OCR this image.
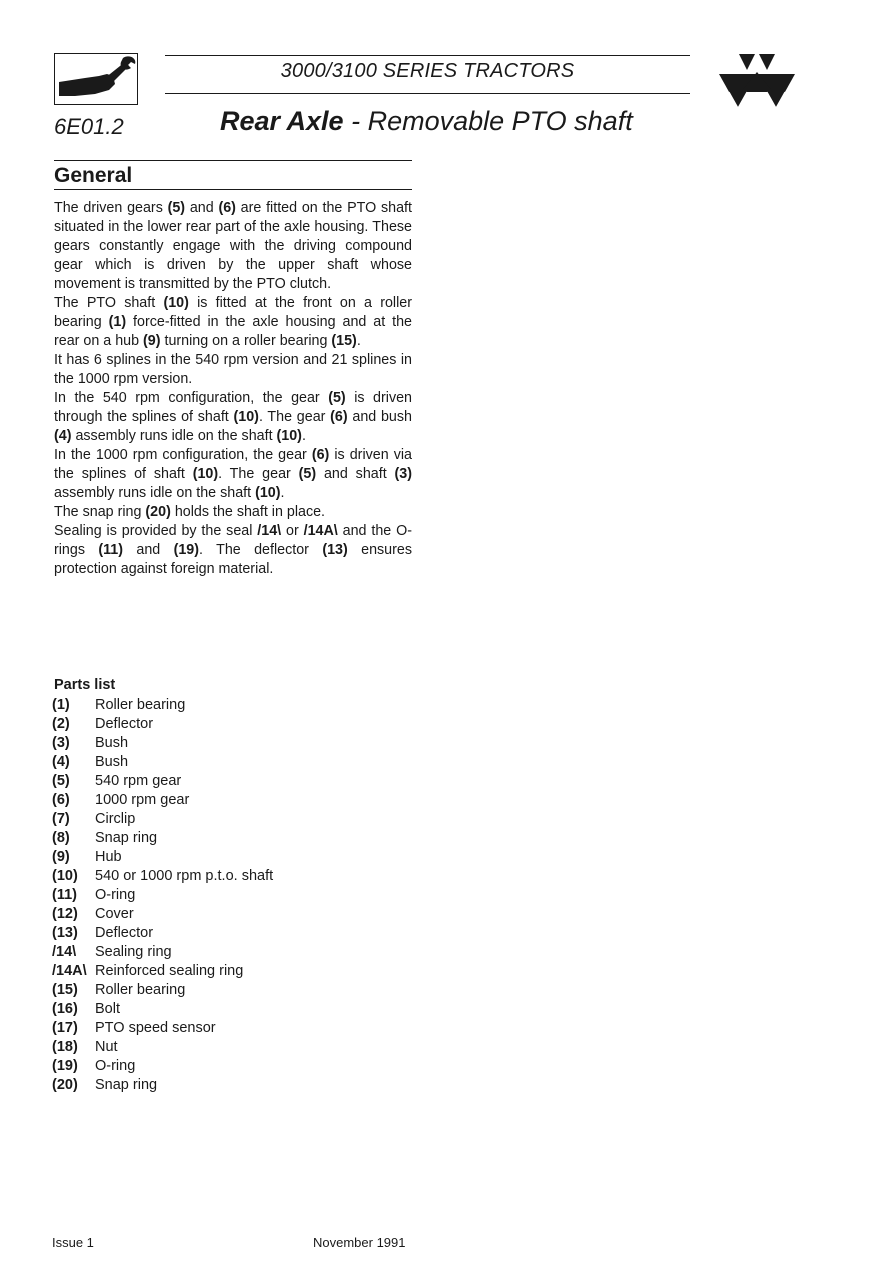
3000/3100 SERIES TRACTORS
6E01.2	Rear Axle - Removable PTO shaft
General

The driven gears (5) and (6) are fitted on the PTO shaft situated in the lower rear part of the axle housing. These gears constantly engage with the driving compound gear which is driven by the upper shaft whose movement is transmitted by the PTO clutch.

The PTO shaft (10) is fitted at the front on a roller bearing (1) force-fitted in the axle housing and at the rear on a hub (9) turning on a roller bearing (15).

It has 6 splines in the 540 rpm version and 21 splines in the 1000 rpm version.

In the 540 rpm configuration, the gear (5) is driven through the splines of shaft (10). The gear (6) and bush (4) assembly runs idle on the shaft (10).

In the 1000 rpm configuration, the gear (6) is driven via the splines of shaft (10). The gear (5) and shaft (3) assembly runs idle on the shaft (10).

The snap ring (20) holds the shaft in place.

Sealing is provided by the seal /14\ or /14A\ and the O-rings (11) and (19). The deflector (13) ensures protection against foreign material.

Parts list
(1)	Roller bearing
(2)	Deflector
(3)	Bush
(4)	Bush
(5)	540 rpm gear
(6)	1000 rpm gear
(7)	Circlip
(8)	Snap ring
(9)	Hub
(10)	540 or 1000 rpm p.t.o. shaft
(11)	O-ring
(12)	Cover
(13)	Deflector
/14\	Sealing ring
/14A\ Reinforced sealing ring
(15)	Roller bearing
(16)	Bolt
(17)	PTO speed sensor
(18)	Nut
(19)	O-ring
(20)	Snap ring
Issue 1	November 1991
